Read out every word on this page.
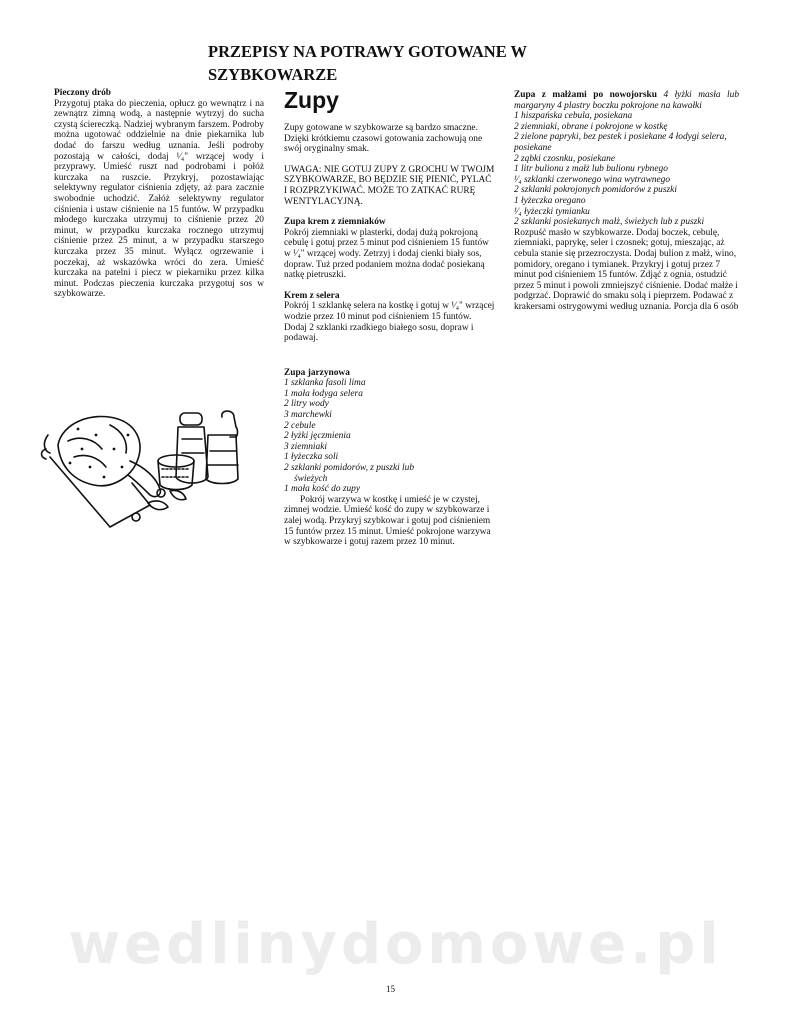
PRZEPISY NA POTRAWY GOTOWANE W SZYBKOWARZE
Pieczony drób
Przygotuj ptaka do pieczenia, opłucz go wewnątrz i na zewnątrz zimną wodą, a następnie wytrzyj do sucha czystą ściereczką. Nadziej wybranym farszem. Podroby można ugotować oddzielnie na dnie piekarnika lub dodać do farszu według uznania. Jeśli podroby pozostają w całości, dodaj ¹⁄₄" wrzącej wody i przyprawy. Umieść ruszt nad podrobami i połóż kurczaka na ruszcie. Przykryj, pozostawiając selektywny regulator ciśnienia zdjęty, aż para zacznie swobodnie uchodzić. Załóż selektywny regulator ciśnienia i ustaw ciśnienie na 15 funtów. W przypadku młodego kurczaka utrzymuj to ciśnienie przez 20 minut, w przypadku kurczaka rocznego utrzymuj ciśnienie przez 25 minut, a w przypadku starszego kurczaka przez 35 minut. Wyłącz ogrzewanie i poczekaj, aż wskazówka wróci do zera. Umieść kurczaka na patelni i piecz w piekarniku przez kilka minut. Podczas pieczenia kurczaka przygotuj sos w szybkowarze.
Zupy
Zupy gotowane w szybkowarze są bardzo smaczne. Dzięki krótkiemu czasowi gotowania zachowują one swój oryginalny smak.
UWAGA: NIE GOTUJ ZUPY Z GROCHU W TWOJM SZYBKOWARZE, BO BĘDZIE SIĘ PIENIĆ, PYLAĆ I ROZPRZYKIWAĆ. MOŻE TO ZATKAĆ RURĘ WENTYLACYJNĄ.
Zupa krem z ziemniaków
Pokrój ziemniaki w plasterki, dodaj dużą pokrojoną cebulę i gotuj przez 5 minut pod ciśnieniem 15 funtów w ¹⁄₄" wrzącej wody. Zetrzyj i dodaj cienki biały sos, dopraw. Tuż przed podaniem można dodać posiekaną natkę pietruszki.
Krem z selera
Pokrój 1 szklankę selera na kostkę i gotuj w ¹⁄₄" wrzącej wodzie przez 10 minut pod ciśnieniem 15 funtów. Dodaj 2 szklanki rzadkiego białego sosu, dopraw i podawaj.
Zupa jarzynowa
1 szklanka fasoli lima
1 mała łodyga selera
2 litry wody
3 marchewki
2 cebule
2 łyżki jęczmienia
3 ziemniaki
1 łyżeczka soli
2 szklanki pomidorów, z puszki lub
świeżych
1 mała kość do zupy
Pokrój warzywa w kostkę i umieść je w czystej, zimnej wodzie. Umieść kość do zupy w szybkowarze i zalej wodą. Przykryj szybkowar i gotuj pod ciśnieniem 15 funtów przez 15 minut. Umieść pokrojone warzywa w szybkowarze i gotuj razem przez 10 minut.
Zupa z małżami po nowojorsku 4 łyżki masła lub margaryny 4 plastry boczku pokrojone na kawałki
1 hiszpańska cebula, posiekana
2 ziemniaki, obrane i pokrojone w kostkę
2 zielone papryki, bez pestek i posiekane 4 łodygi selera, posiekane
2 ząbki czosnku, posiekane
1 litr bulionu z małż lub bulionu rybnego
¹⁄₄ szklanki czerwonego wina wytrawnego
2 szklanki pokrojonych pomidorów z puszki
1 łyżeczka oregano
¹⁄₄ łyżeczki tymianku
2 szklanki posiekanych małż, świeżych lub z puszki
Rozpuść masło w szybkowarze. Dodaj boczek, cebulę, ziemniaki, paprykę, seler i czosnek; gotuj, mieszając, aż cebula stanie się przezroczysta. Dodaj bulion z małż, wino, pomidory, oregano i tymianek. Przykryj i gotuj przez 7 minut pod ciśnieniem 15 funtów. Zdjąć z ognia, ostudzić przez 5 minut i powoli zmniejszyć ciśnienie. Dodać małże i podgrzać. Doprawić do smaku solą i pieprzem. Podawać z krakersami ostrygowymi według uznania. Porcja dla 6 osób
wedlinydomowe.pl
15
